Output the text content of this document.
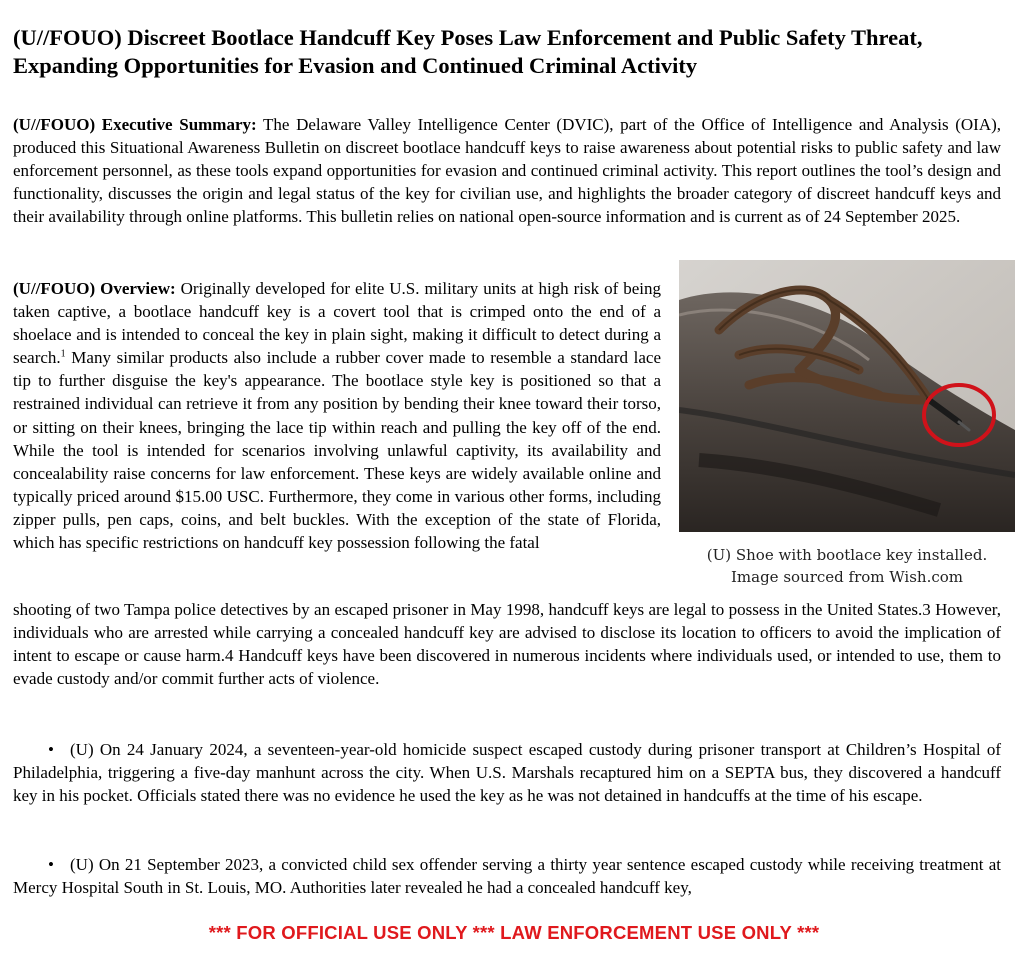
(U//FOUO) Discreet Bootlace Handcuff Key Poses Law Enforcement and Public Safety Threat, Expanding Opportunities for Evasion and Continued Criminal Activity

(U//FOUO) Executive Summary: The Delaware Valley Intelligence Center (DVIC), part of the Office of Intelligence and Analysis (OIA), produced this Situational Awareness Bulletin on discreet bootlace handcuff keys to raise awareness about potential risks to public safety and law enforcement personnel, as these tools expand opportunities for evasion and continued criminal activity. This report outlines the tool’s design and functionality, discusses the origin and legal status of the key for civilian use, and highlights the broader category of discreet handcuff keys and their availability through online platforms. This bulletin relies on national open-source information and is current as of 24 September 2025.

(U//FOUO) Overview: Originally developed for elite U.S. military units at high risk of being taken captive, a bootlace handcuff key is a covert tool that is crimped onto the end of a shoelace and is intended to conceal the key in plain sight, making it difficult to detect during a search.$^1$ Many similar products also include a rubber cover made to resemble a standard lace tip to further disguise the key's appearance. The bootlace style key is positioned so that a restrained individual can retrieve it from any position by bending their knee toward their torso, or sitting on their knees, bringing the lace tip within reach and pulling the key off of the end. While the tool is intended for scenarios involving unlawful captivity, its availability and concealability raise concerns for law enforcement. These keys are widely available online and typically priced around $15.00 USC. Furthermore, they come in various other forms, including zipper pulls, pen caps, coins, and belt buckles. With the exception of the state of Florida, which has specific restrictions on handcuff key possession following the fatal

(U) Shoe with bootlace key installed.
Image sourced from Wish.com

shooting of two Tampa police detectives by an escaped prisoner in May 1998, handcuff keys are legal to possess in the United States.3 However, individuals who are arrested while carrying a concealed handcuff key are advised to disclose its location to officers to avoid the implication of intent to escape or cause harm.4 Handcuff keys have been discovered in numerous incidents where individuals used, or intended to use, them to evade custody and/or commit further acts of violence.

• (U) On 24 January 2024, a seventeen-year-old homicide suspect escaped custody during prisoner transport at Children’s Hospital of Philadelphia, triggering a five-day manhunt across the city. When U.S. Marshals recaptured him on a SEPTA bus, they discovered a handcuff key in his pocket. Officials stated there was no evidence he used the key as he was not detained in handcuffs at the time of his escape.

• (U) On 21 September 2023, a convicted child sex offender serving a thirty year sentence escaped custody while receiving treatment at Mercy Hospital South in St. Louis, MO. Authorities later revealed he had a concealed handcuff key,

*** FOR OFFICIAL USE ONLY *** LAW ENFORCEMENT USE ONLY ***
